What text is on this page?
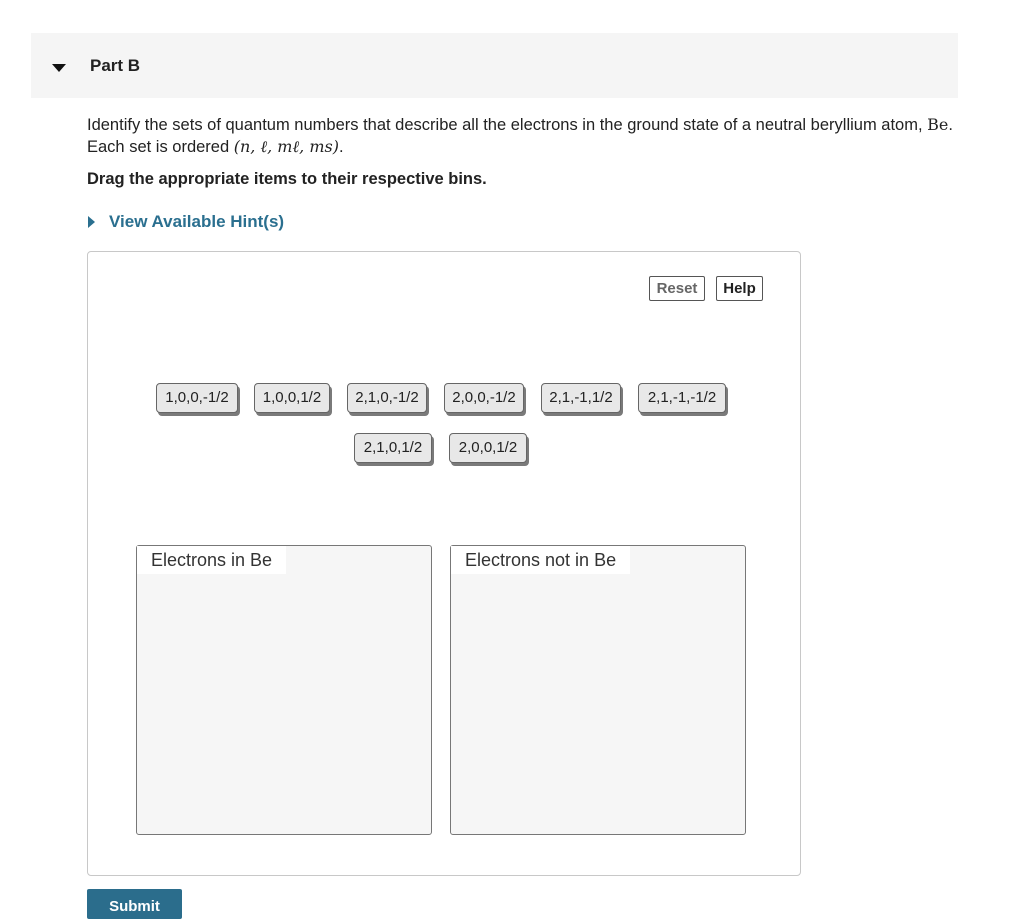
Part B
Identify the sets of quantum numbers that describe all the electrons in the ground state of a neutral beryllium atom, Be. Each set is ordered (n, ℓ, mℓ, ms).
Drag the appropriate items to their respective bins.
View Available Hint(s)
Reset	Help
1,0,0,-1/2	1,0,0,1/2	2,1,0,-1/2	2,0,0,-1/2	2,1,-1,1/2	2,1,-1,-1/2
2,1,0,1/2	2,0,0,1/2
Electrons in Be	Electrons not in Be
Submit
